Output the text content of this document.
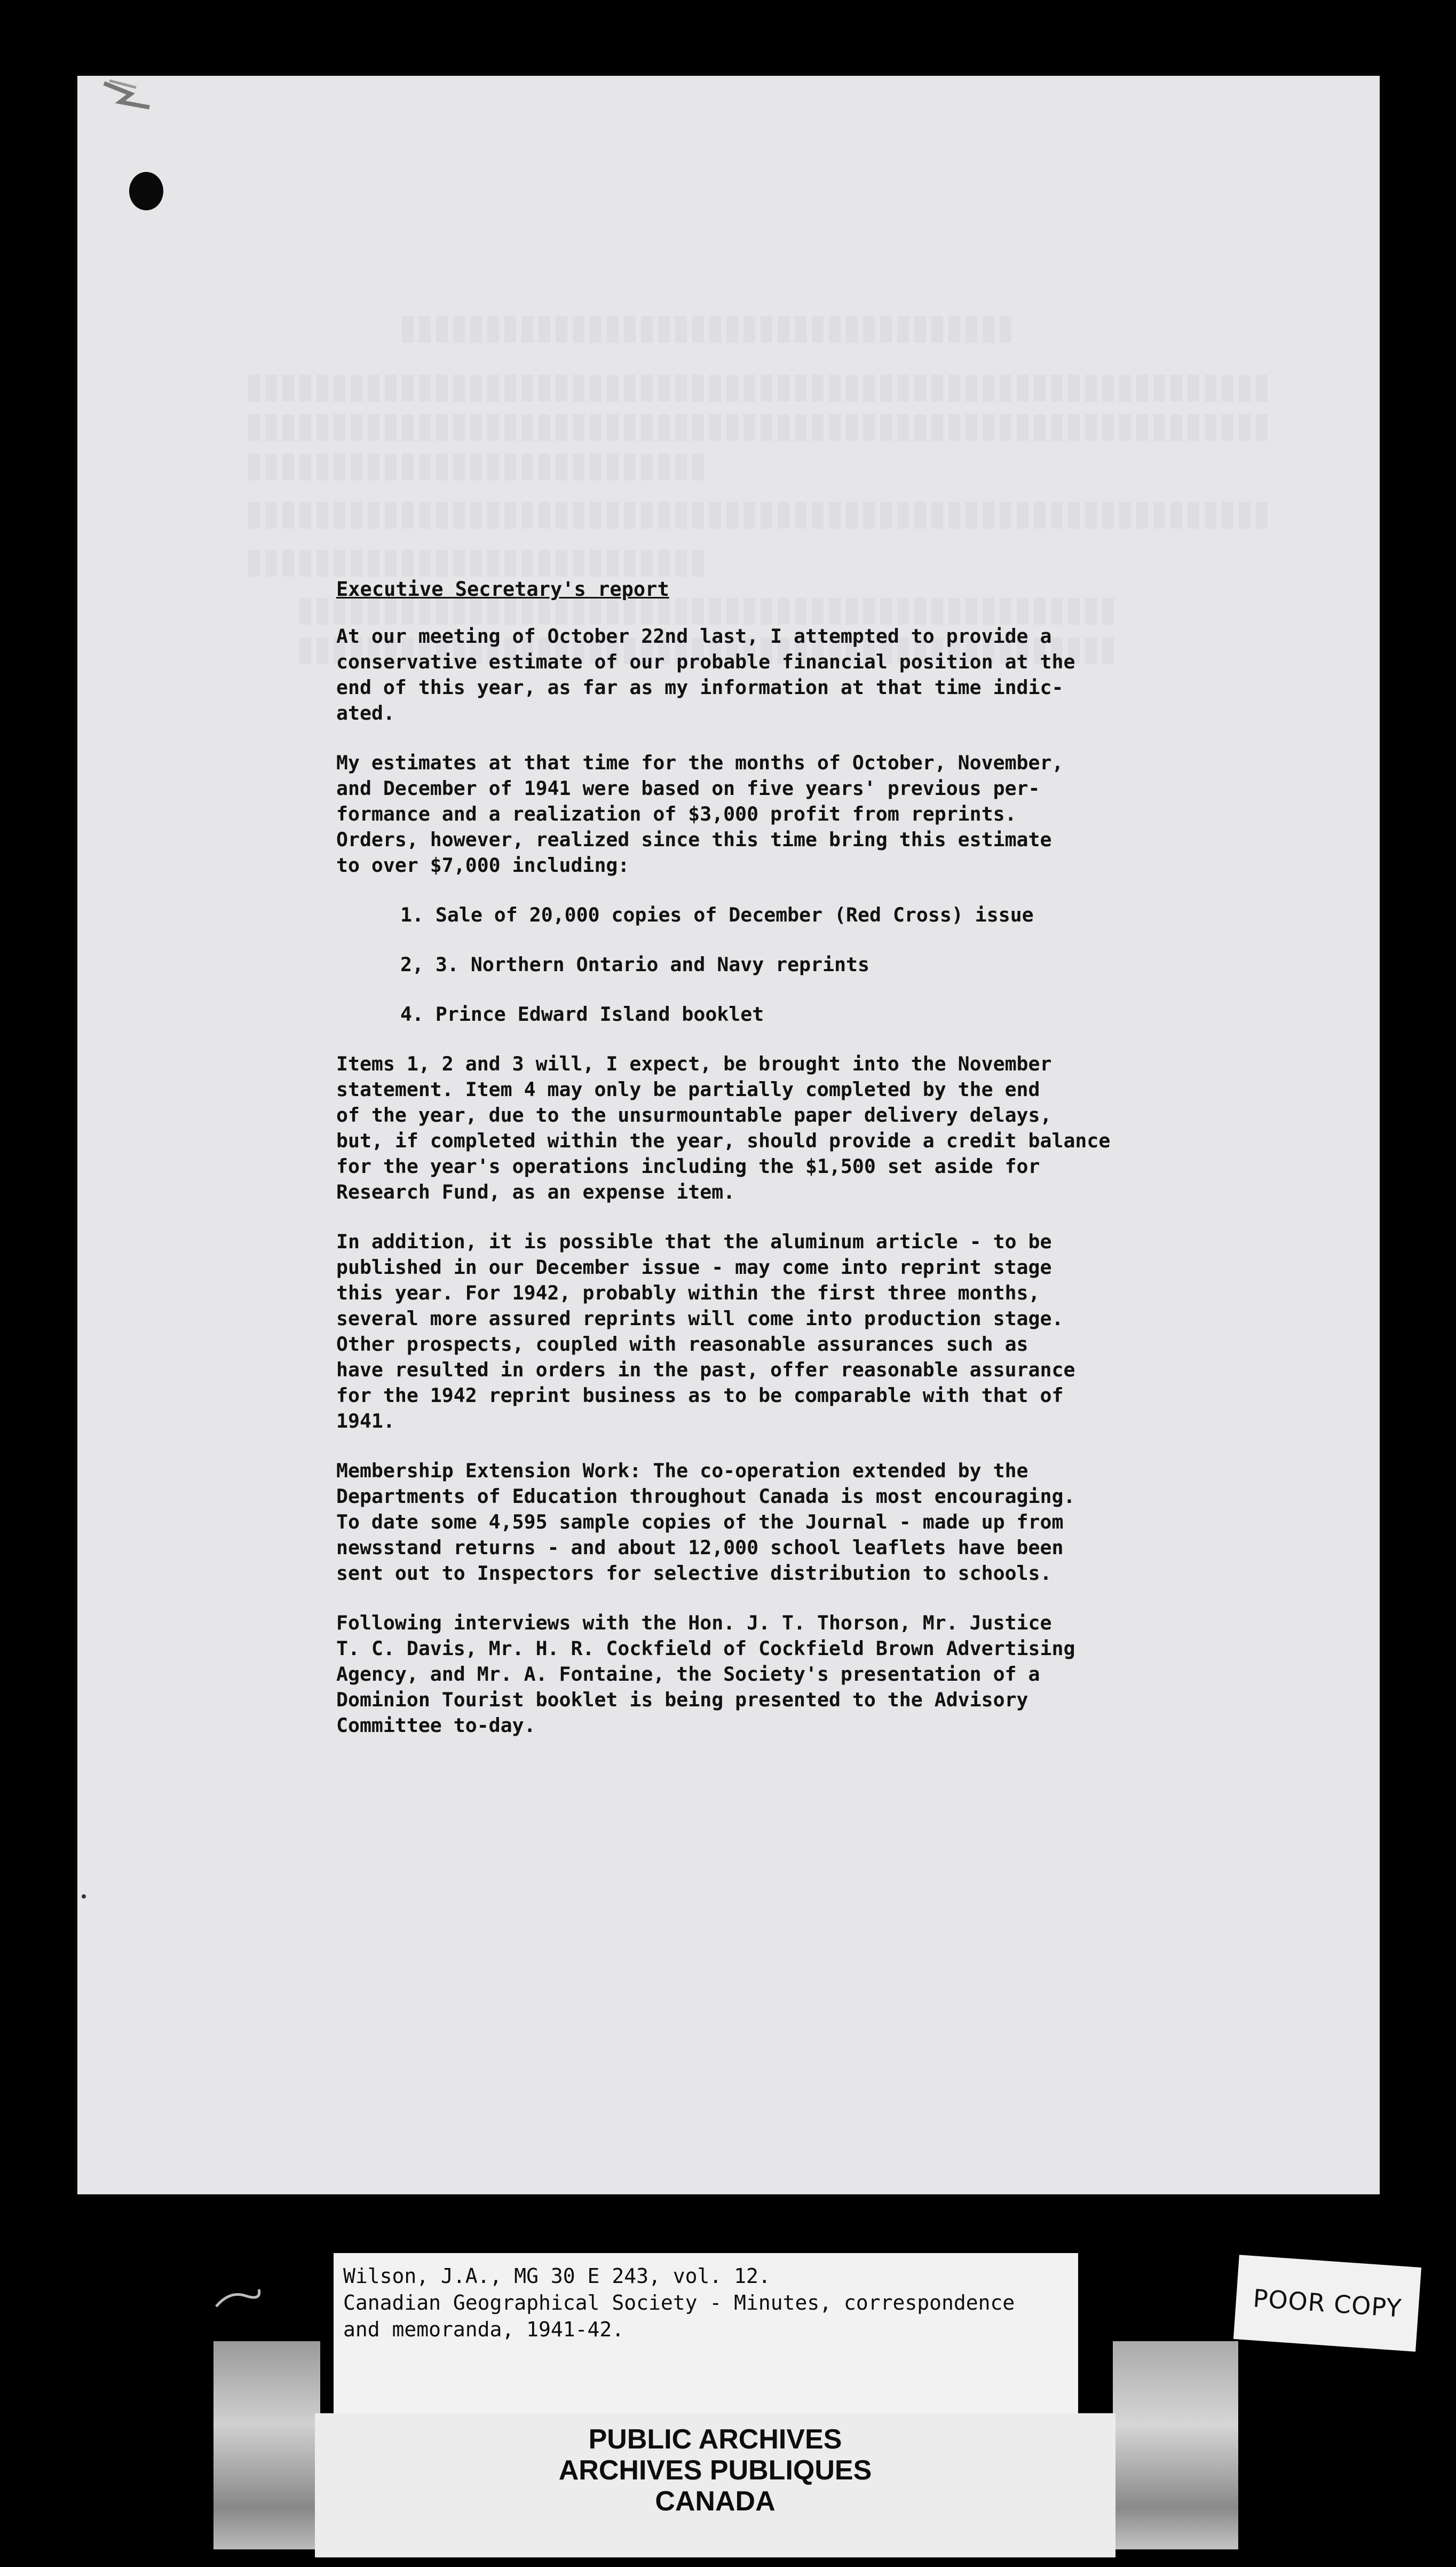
Executive Secretary's report
At our meeting of October 22nd last, I attempted to provide a
conservative estimate of our probable financial position at the
end of this year, as far as my information at that time indic-
ated.
My estimates at that time for the months of October, November,
and December of 1941 were based on five years' previous per-
formance and a realization of $3,000 profit from reprints.
Orders, however, realized since this time bring this estimate
to over $7,000 including:
1. Sale of 20,000 copies of December (Red Cross) issue
2, 3. Northern Ontario and Navy reprints
4. Prince Edward Island booklet
Items 1, 2 and 3 will, I expect, be brought into the November
statement. Item 4 may only be partially completed by the end
of the year, due to the unsurmountable paper delivery delays,
but, if completed within the year, should provide a credit balance
for the year's operations including the $1,500 set aside for
Research Fund, as an expense item.
In addition, it is possible that the aluminum article - to be
published in our December issue - may come into reprint stage
this year. For 1942, probably within the first three months,
several more assured reprints will come into production stage.
Other prospects, coupled with reasonable assurances such as
have resulted in orders in the past, offer reasonable assurance
for the 1942 reprint business as to be comparable with that of
1941.
Membership Extension Work: The co-operation extended by the
Departments of Education throughout Canada is most encouraging.
To date some 4,595 sample copies of the Journal - made up from
newsstand returns - and about 12,000 school leaflets have been
sent out to Inspectors for selective distribution to schools.
Following interviews with the Hon. J. T. Thorson, Mr. Justice
T. C. Davis, Mr. H. R. Cockfield of Cockfield Brown Advertising
Agency, and Mr. A. Fontaine, the Society's presentation of a
Dominion Tourist booklet is being presented to the Advisory
Committee to-day.
Wilson, J.A., MG 30 E 243, vol. 12.
Canadian Geographical Society - Minutes, correspondence
and memoranda, 1941-42.
PUBLIC ARCHIVES
ARCHIVES PUBLIQUES
CANADA
POOR COPY
